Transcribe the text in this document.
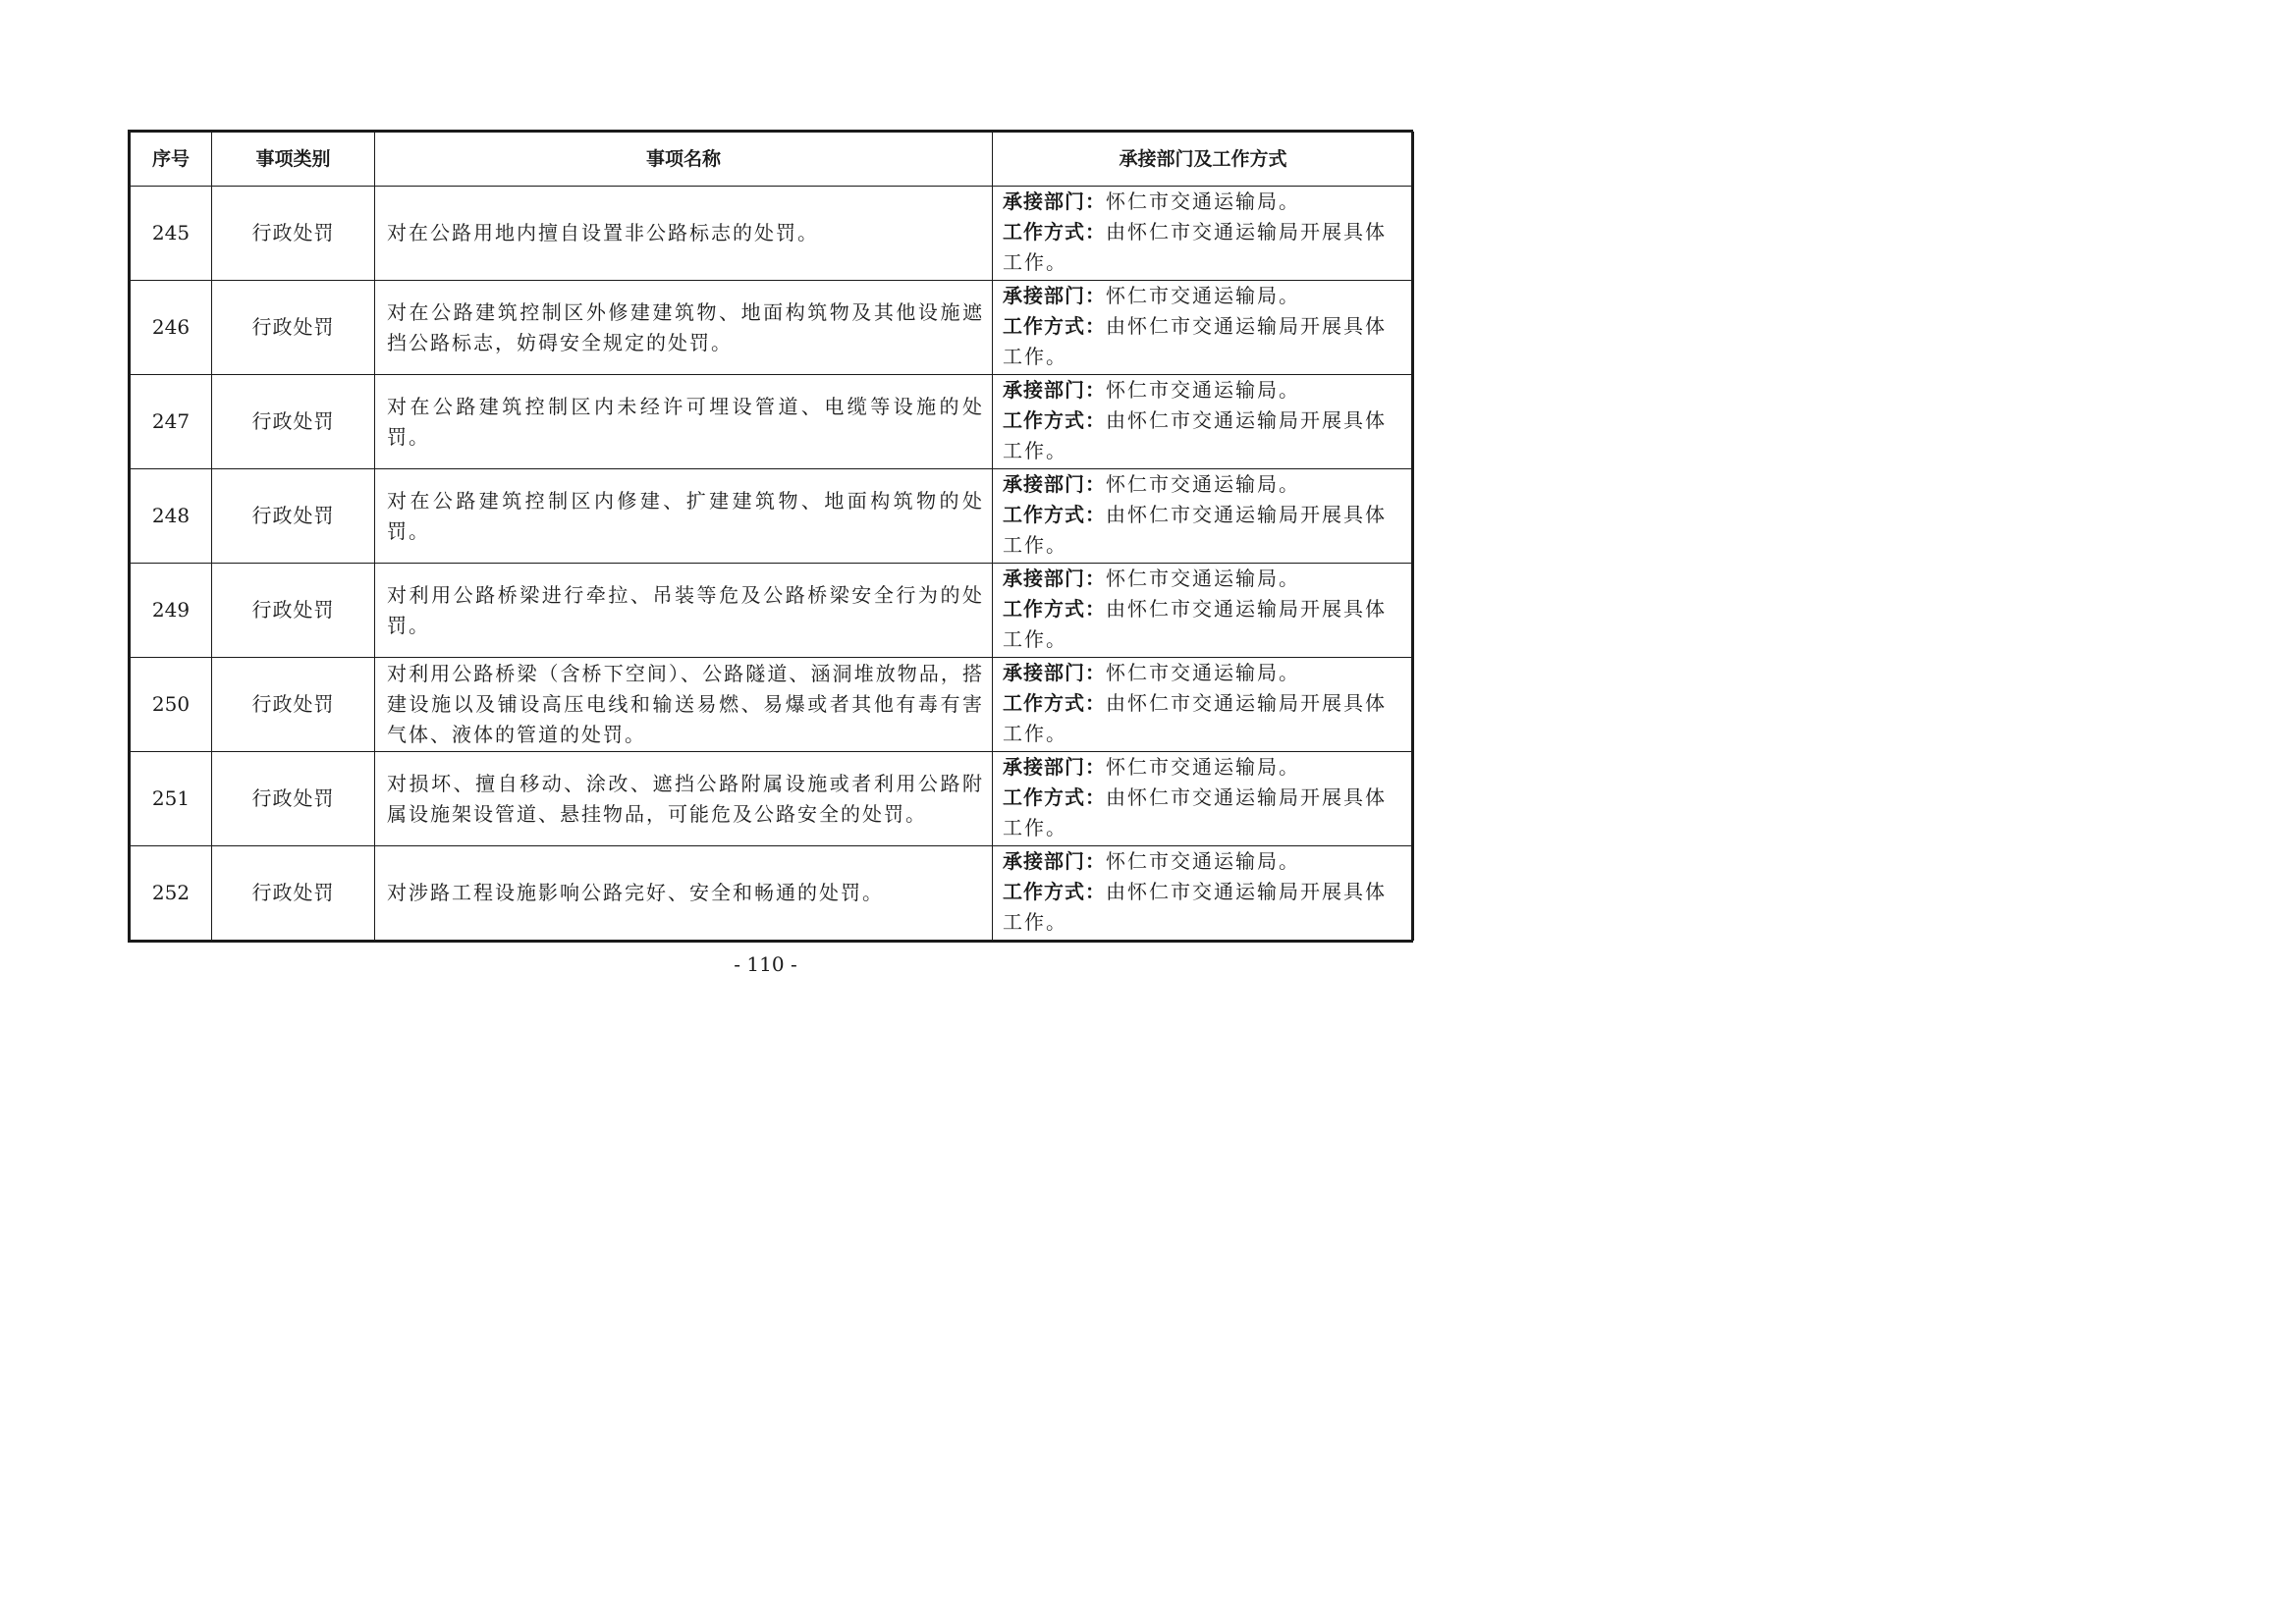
序号	事项类别	事项名称	承接部门及工作方式
245	行政处罚	对在公路用地内擅自设置非公路标志的处罚。	承接部门：怀仁市交通运输局。
工作方式：由怀仁市交通运输局开展具体
工作。

246	行政处罚	对在公路建筑控制区外修建建筑物、地面构筑物及其他设施遮挡公路标志，妨碍安全规定的处罚。	承接部门：怀仁市交通运输局。
工作方式：由怀仁市交通运输局开展具体
工作。

247	行政处罚	对在公路建筑控制区内未经许可埋设管道、电缆等设施的处罚。	承接部门：怀仁市交通运输局。
工作方式：由怀仁市交通运输局开展具体
工作。

248	行政处罚	对在公路建筑控制区内修建、扩建建筑物、地面构筑物的处罚。	承接部门：怀仁市交通运输局。
工作方式：由怀仁市交通运输局开展具体
工作。

249	行政处罚	对利用公路桥梁进行牵拉、吊装等危及公路桥梁安全行为的处罚。	承接部门：怀仁市交通运输局。
工作方式：由怀仁市交通运输局开展具体
工作。

250	行政处罚	对利用公路桥梁（含桥下空间）、公路隧道、涵洞堆放物品，搭建设施以及铺设高压电线和输送易燃、易爆或者其他有毒有害气体、液体的管道的处罚。	承接部门：怀仁市交通运输局。
工作方式：由怀仁市交通运输局开展具体
工作。

251	行政处罚	对损坏、擅自移动、涂改、遮挡公路附属设施或者利用公路附属设施架设管道、悬挂物品，可能危及公路安全的处罚。	承接部门：怀仁市交通运输局。
工作方式：由怀仁市交通运输局开展具体
工作。

252	行政处罚	对涉路工程设施影响公路完好、安全和畅通的处罚。	承接部门：怀仁市交通运输局。
工作方式：由怀仁市交通运输局开展具体
工作。
- 110 -
